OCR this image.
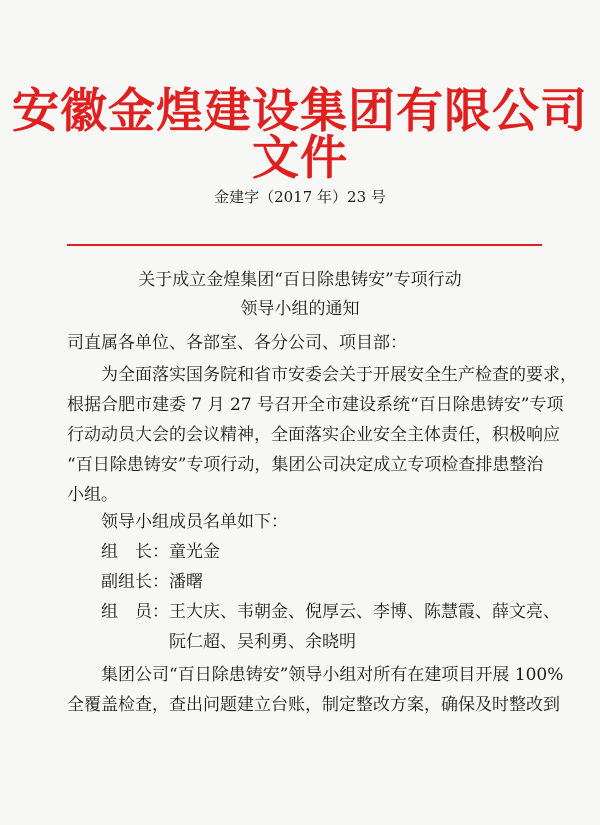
安徽金煌建设集团有限公司文件
金建字（2017 年）23 号
关于成立金煌集团“百日除患铸安”专项行动
领导小组的通知
司直属各单位、各部室、各分公司、项目部：
为全面落实国务院和省市安委会关于开展安全生产检查的要求，
根据合肥市建委 7 月 27 号召开全市建设系统“百日除患铸安”专项
行动动员大会的会议精神，全面落实企业安全主体责任，积极响应
“百日除患铸安”专项行动，集团公司决定成立专项检查排患整治
小组。
领导小组成员名单如下：
组　长： 童光金
副组长： 潘曙
组　员： 王大庆、韦朝金、倪厚云、李博、陈慧霞、薛文亮、
阮仁超、吴利勇、余晓明
集团公司“百日除患铸安”领导小组对所有在建项目开展 100%
全覆盖检查，查出问题建立台账，制定整改方案，确保及时整改到
